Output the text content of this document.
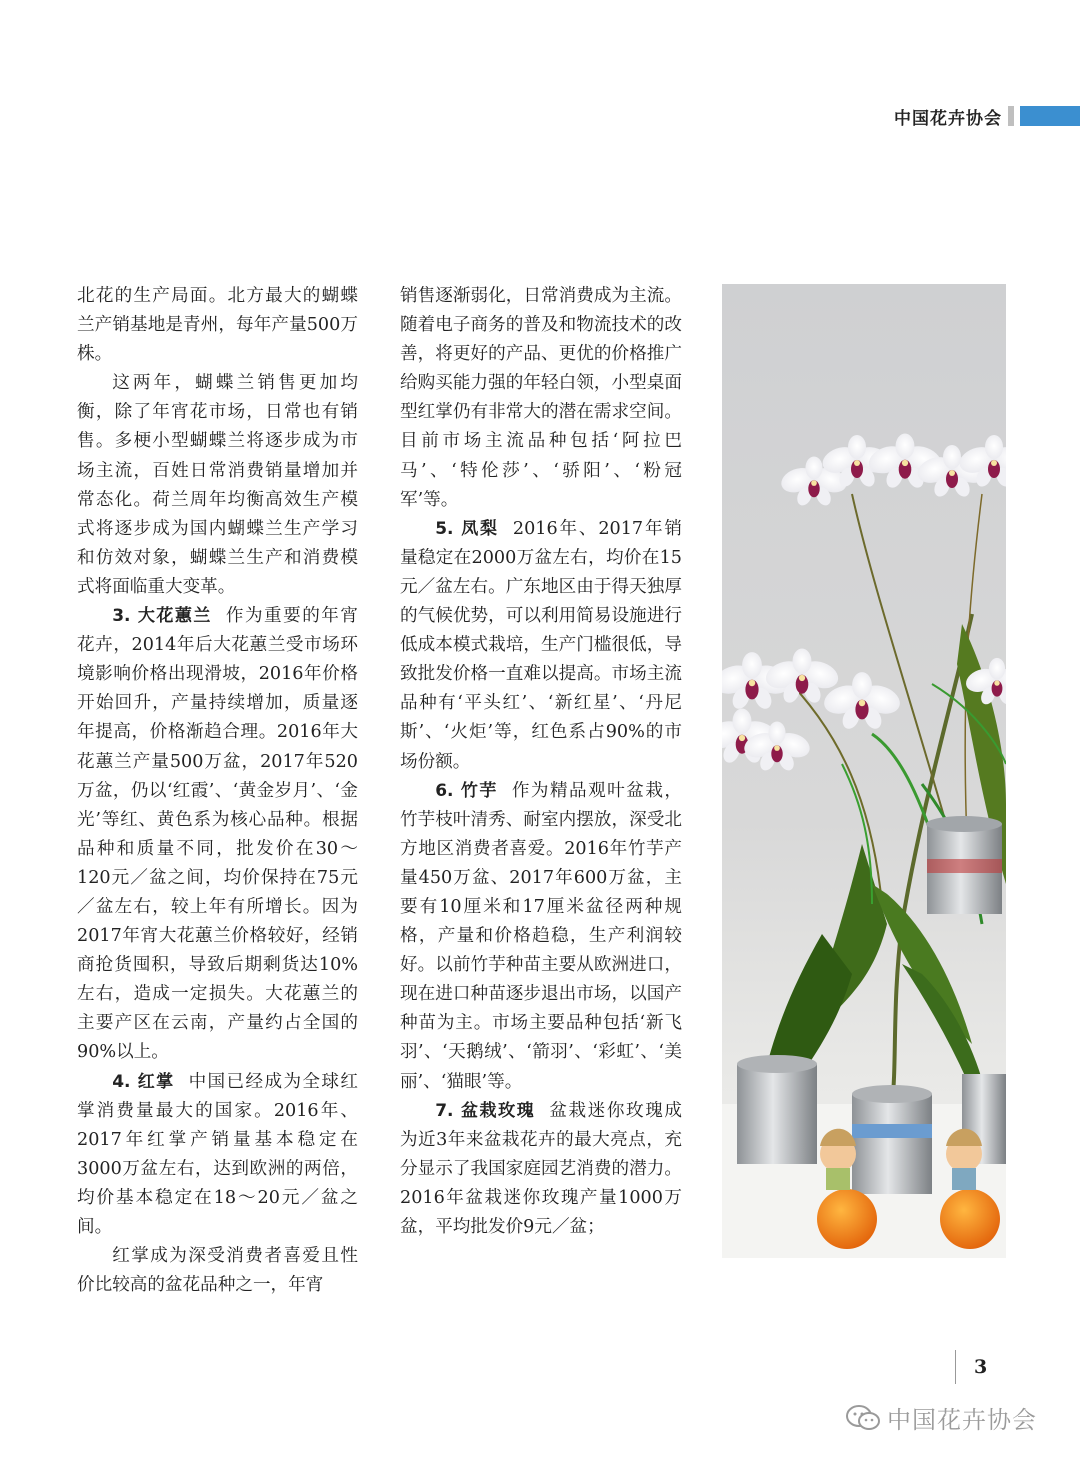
中国花卉协会

北花的生产局面。北方最大的蝴蝶兰产销基地是青州，每年产量500万株。

这两年，蝴蝶兰销售更加均衡，除了年宵花市场，日常也有销售。多梗小型蝴蝶兰将逐步成为市场主流，百姓日常消费销量增加并常态化。荷兰周年均衡高效生产模式将逐步成为国内蝴蝶兰生产学习和仿效对象，蝴蝶兰生产和消费模式将面临重大变革。

3. 大花蕙兰 作为重要的年宵花卉，2014年后大花蕙兰受市场环境影响价格出现滑坡，2016年价格开始回升，产量持续增加，质量逐年提高，价格渐趋合理。2016年大花蕙兰产量500万盆，2017年520万盆，仍以‘红霞’、‘黄金岁月’、‘金光’等红、黄色系为核心品种。根据品种和质量不同，批发价在30～120元／盆之间，均价保持在75元／盆左右，较上年有所增长。因为2017年宵大花蕙兰价格较好，经销商抢货囤积，导致后期剩货达10%左右，造成一定损失。大花蕙兰的主要产区在云南，产量约占全国的90%以上。

4. 红掌 中国已经成为全球红掌消费量最大的国家。2016年、2017年红掌产销量基本稳定在3000万盆左右，达到欧洲的两倍，均价基本稳定在18～20元／盆之间。

红掌成为深受消费者喜爱且性价比较高的盆花品种之一，年宵

销售逐渐弱化，日常消费成为主流。随着电子商务的普及和物流技术的改善，将更好的产品、更优的价格推广给购买能力强的年轻白领，小型桌面型红掌仍有非常大的潜在需求空间。目前市场主流品种包括‘阿拉巴马’、‘特伦莎’、‘骄阳’、‘粉冠军’等。

5. 凤梨 2016年、2017年销量稳定在2000万盆左右，均价在15元／盆左右。广东地区由于得天独厚的气候优势，可以利用简易设施进行低成本模式栽培，生产门槛很低，导致批发价格一直难以提高。市场主流品种有‘平头红’、‘新红星’、‘丹尼斯’、‘火炬’等，红色系占90%的市场份额。

6. 竹芋 作为精品观叶盆栽，竹芋枝叶清秀、耐室内摆放，深受北方地区消费者喜爱。2016年竹芋产量450万盆、2017年600万盆，主要有10厘米和17厘米盆径两种规格，产量和价格趋稳，生产利润较好。以前竹芋种苗主要从欧洲进口，现在进口种苗逐步退出市场，以国产种苗为主。市场主要品种包括‘新飞羽’、‘天鹅绒’、‘箭羽’、‘彩虹’、‘美丽’、‘猫眼’等。

7. 盆栽玫瑰 盆栽迷你玫瑰成为近3年来盆栽花卉的最大亮点，充分显示了我国家庭园艺消费的潜力。2016年盆栽迷你玫瑰产量1000万盆，平均批发价9元／盆；

3
中国花卉协会
